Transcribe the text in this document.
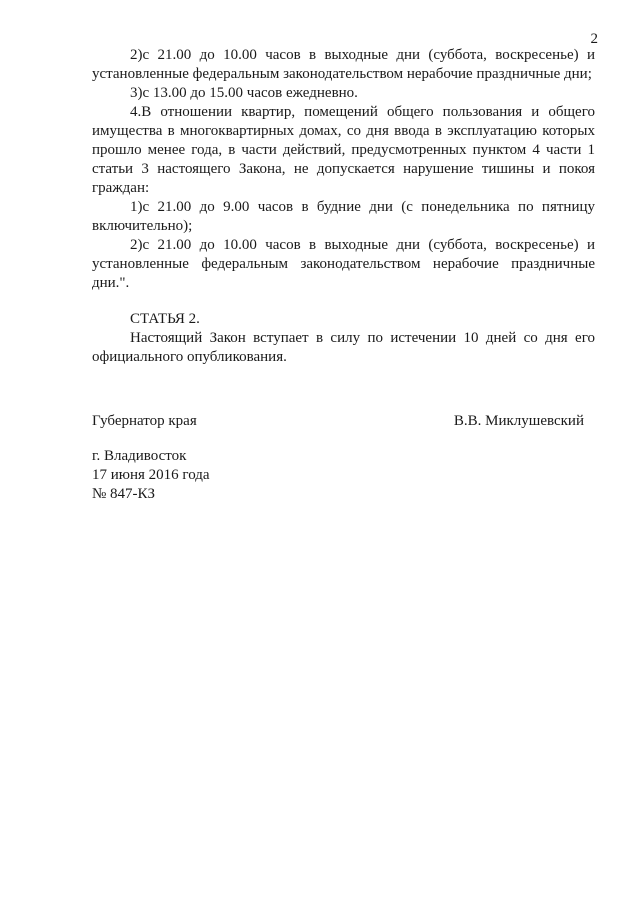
2

2)с 21.00 до 10.00 часов в выходные дни (суббота, воскресенье) и установленные федеральным законодательством нерабочие праздничные дни;

3)с 13.00 до 15.00 часов ежедневно.

4.В отношении квартир, помещений общего пользования и общего имущества в многоквартирных домах, со дня ввода в эксплуатацию которых прошло менее года, в части действий, предусмотренных пунктом 4 части 1 статьи 3 настоящего Закона, не допускается нарушение тишины и покоя граждан:

1)с 21.00 до 9.00 часов в будние дни (с понедельника по пятницу включительно);

2)с 21.00 до 10.00 часов в выходные дни (суббота, воскресенье) и установленные федеральным законодательством нерабочие праздничные дни.".

СТАТЬЯ 2.

Настоящий Закон вступает в силу по истечении 10 дней со дня его официального опубликования.

Губернатор края	В.В. Миклушевский
г. Владивосток
17 июня 2016 года
№ 847-КЗ
